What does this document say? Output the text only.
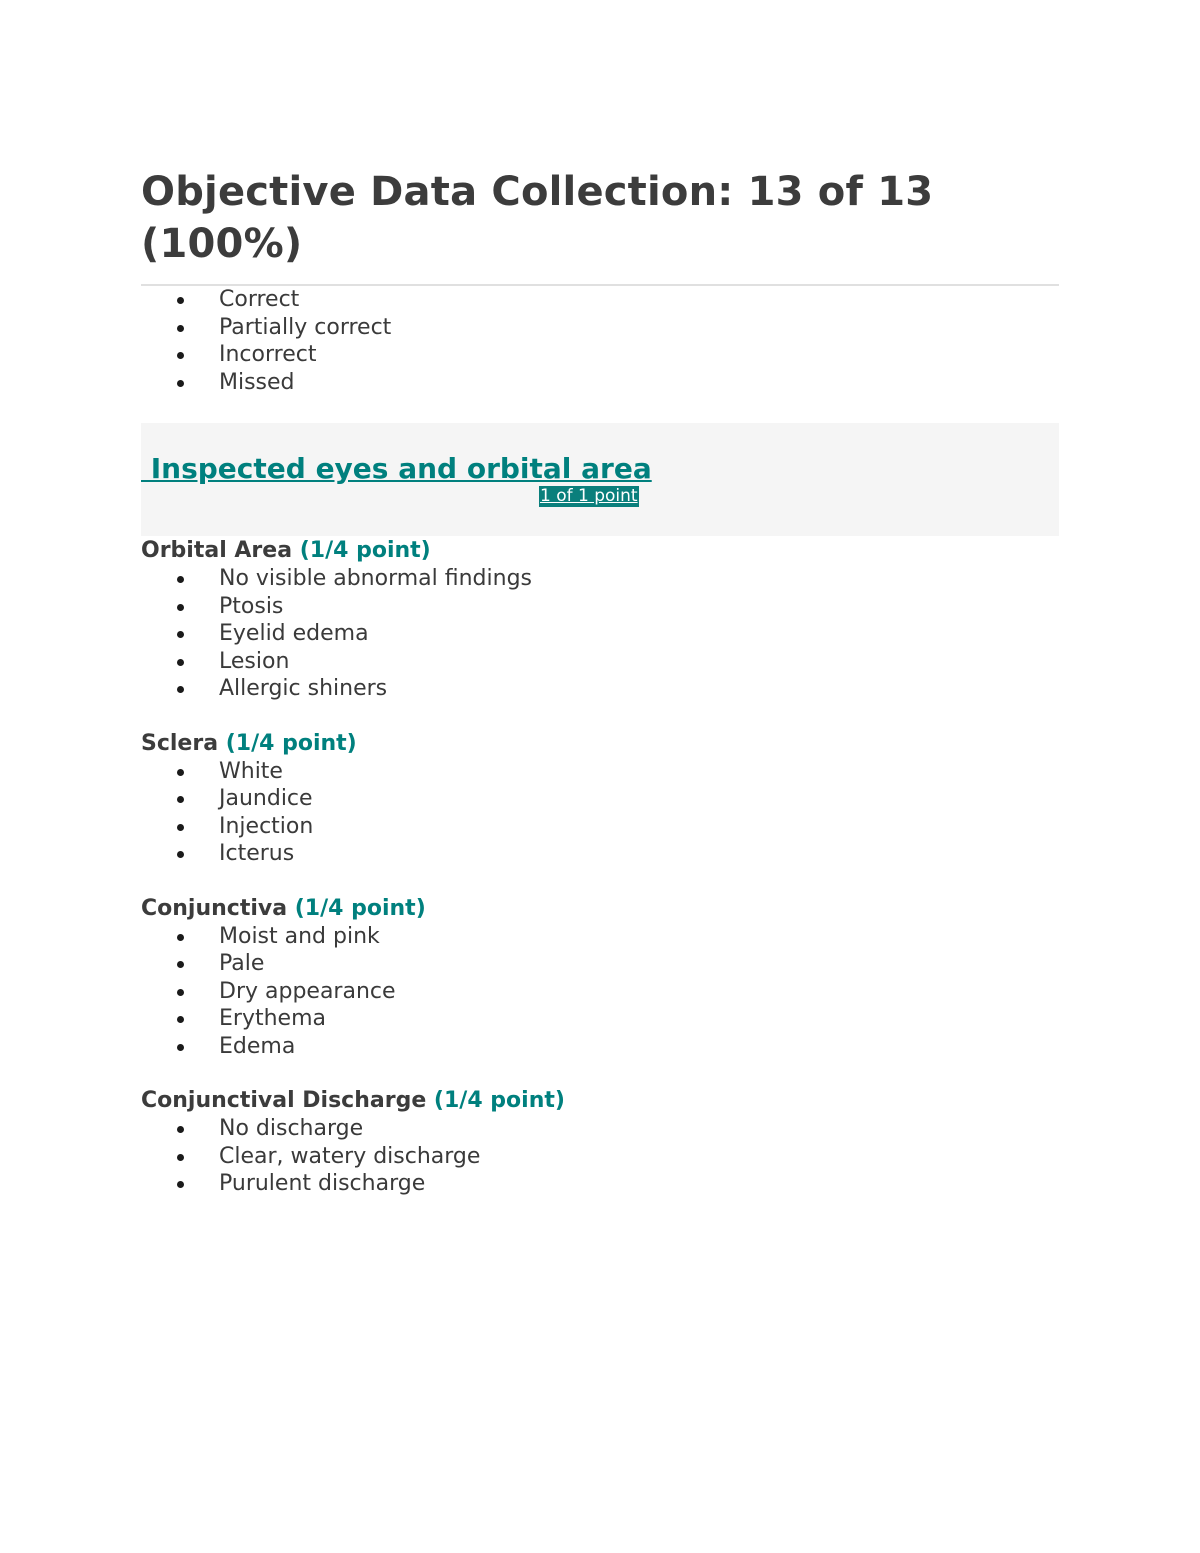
Objective Data Collection: 13 of 13
(100%)
Correct
Partially correct
Incorrect
Missed
Inspected eyes and orbital area
1 of 1 point
Orbital Area (1/4 point)
No visible abnormal findings
Ptosis
Eyelid edema
Lesion
Allergic shiners
Sclera (1/4 point)
White
Jaundice
Injection
Icterus
Conjunctiva (1/4 point)
Moist and pink
Pale
Dry appearance
Erythema
Edema
Conjunctival Discharge (1/4 point)
No discharge
Clear, watery discharge
Purulent discharge
